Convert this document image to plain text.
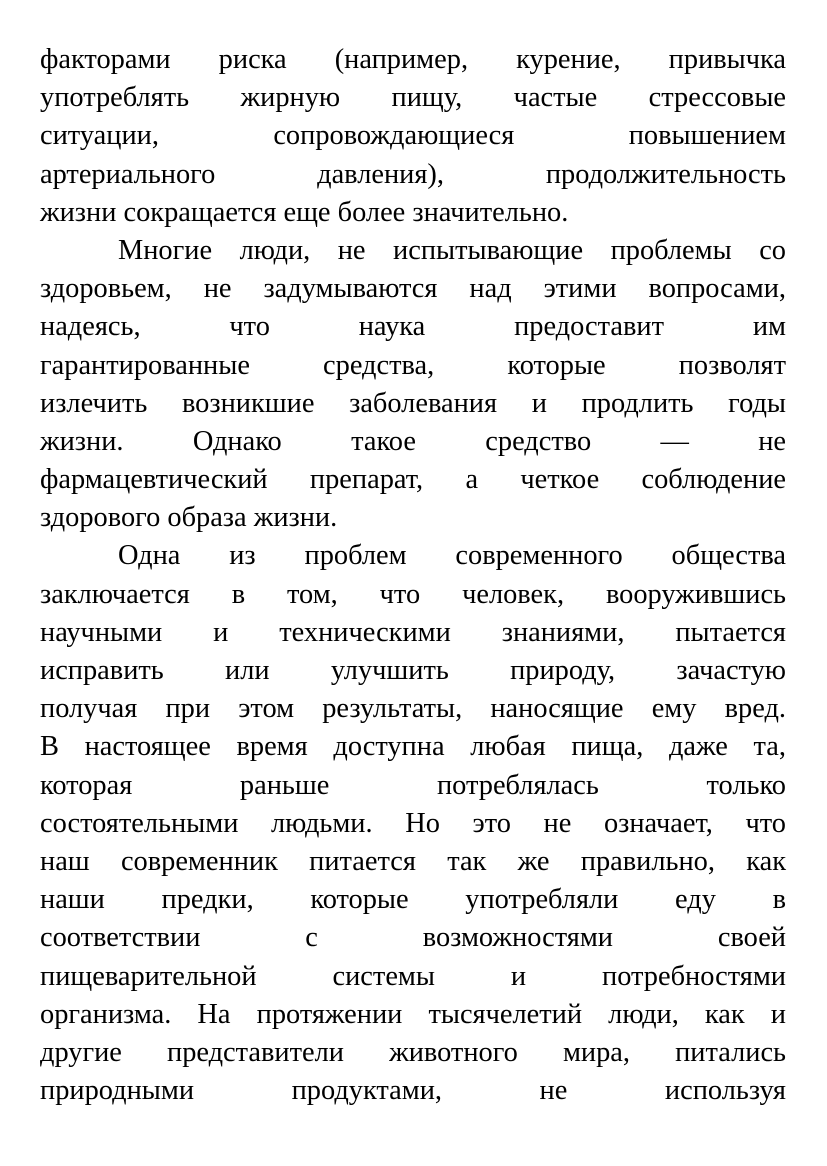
факторами риска (например, курение, привычка
употреблять жирную пищу, частые стрессовые
ситуации, сопровождающиеся повышением
артериального давления), продолжительность
жизни сокращается еще более значительно.
Многие люди, не испытывающие проблемы со
здоровьем, не задумываются над этими вопросами,
надеясь, что наука предоставит им
гарантированные средства, которые позволят
излечить возникшие заболевания и продлить годы
жизни. Однако такое средство — не
фармацевтический препарат, а четкое соблюдение
здорового образа жизни.
Одна из проблем современного общества
заключается в том, что человек, вооружившись
научными и техническими знаниями, пытается
исправить или улучшить природу, зачастую
получая при этом результаты, наносящие ему вред.
В настоящее время доступна любая пища, даже та,
которая раньше потреблялась только
состоятельными людьми. Но это не означает, что
наш современник питается так же правильно, как
наши предки, которые употребляли еду в
соответствии с возможностями своей
пищеварительной системы и потребностями
организма. На протяжении тысячелетий люди, как и
другие представители животного мира, питались
природными продуктами, не используя
